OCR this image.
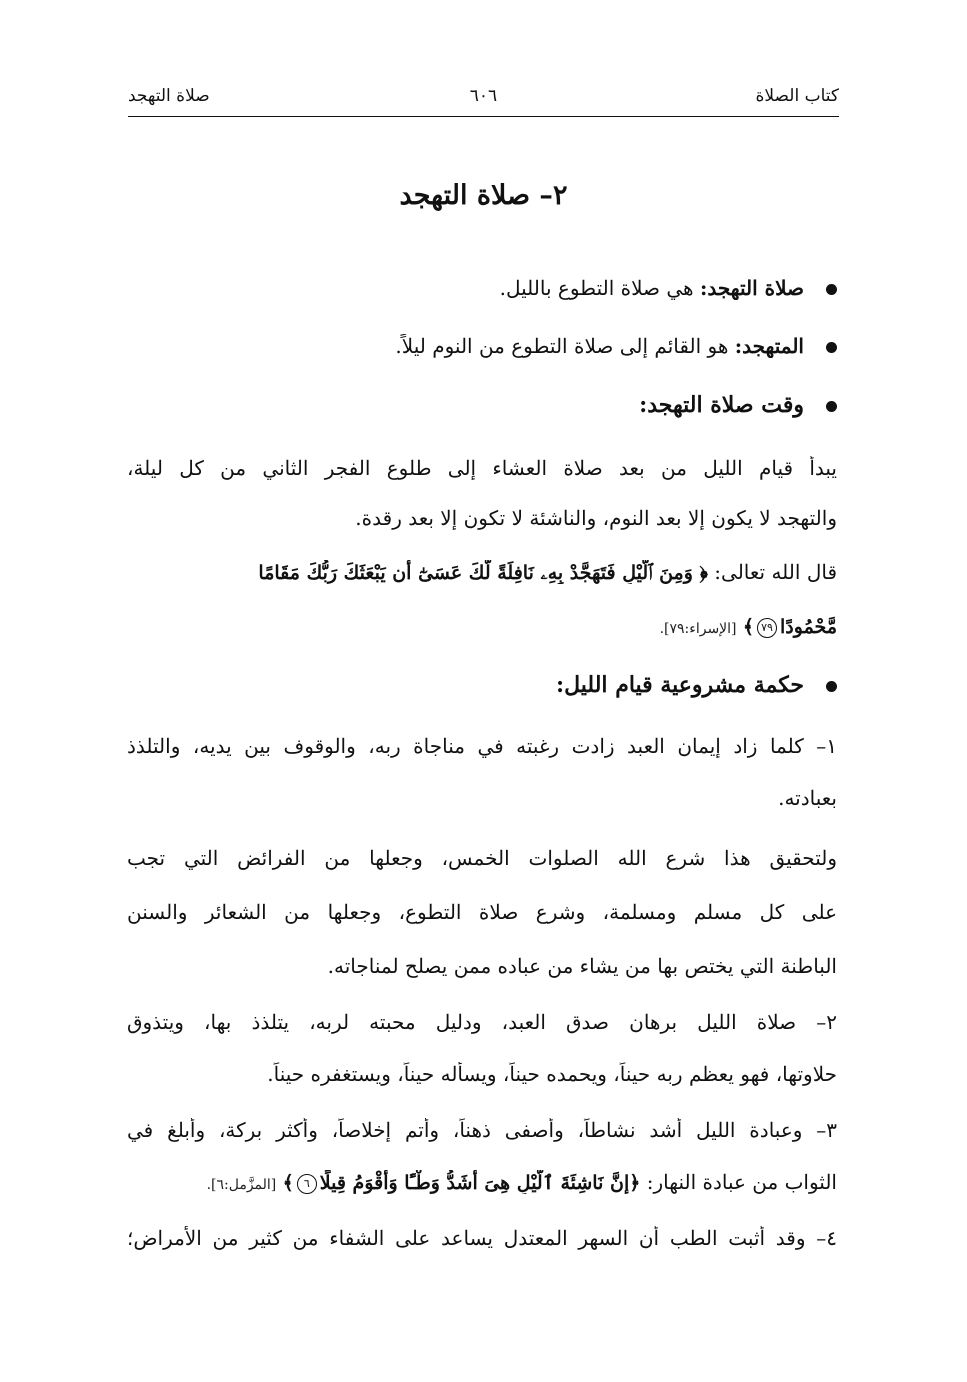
كتاب الصلاة
٦٠٦
صلاة التهجد
٢– صلاة التهجد
صلاة التهجد: هي صلاة التطوع بالليل.
المتهجد: هو القائم إلى صلاة التطوع من النوم ليلاً.
وقت صلاة التهجد:
يبدأ قيام الليل من بعد صلاة العشاء إلى طلوع الفجر الثاني من كل ليلة،
والتهجد لا يكون إلا بعد النوم، والناشئة لا تكون إلا بعد رقدة.
قال الله تعالى: ﴿ وَمِنَ ٱلَّيْلِ فَتَهَجَّدْ بِهِۦ نَافِلَةً لَّكَ عَسَىٰٓ أَن يَبْعَثَكَ رَبُّكَ مَقَامًا
مَّحْمُودًا٧٩﴾ [الإسراء:٧٩].
حكمة مشروعية قيام الليل:
١– كلما زاد إيمان العبد زادت رغبته في مناجاة ربه، والوقوف بين يديه، والتلذذ
بعبادته.
ولتحقيق هذا شرع الله الصلوات الخمس، وجعلها من الفرائض التي تجب
على كل مسلم ومسلمة، وشرع صلاة التطوع، وجعلها من الشعائر والسنن
الباطنة التي يختص بها من يشاء من عباده ممن يصلح لمناجاته.
٢– صلاة الليل برهان صدق العبد، ودليل محبته لربه، يتلذذ بها، ويتذوق
حلاوتها، فهو يعظم ربه حيناً، ويحمده حيناً، ويسأله حيناً، ويستغفره حيناً.
٣– وعبادة الليل أشد نشاطاً، وأصفى ذهناً، وأتم إخلاصاً، وأكثر بركة، وأبلغ في
الثواب من عبادة النهار: ﴿إِنَّ نَاشِئَةَ ٱلَّيْلِ هِىَ أَشَدُّ وَطْـًٔا وَأَقْوَمُ قِيلًا٦﴾ [المزَّمل:٦].
٤– وقد أثبت الطب أن السهر المعتدل يساعد على الشفاء من كثير من الأمراض؛
